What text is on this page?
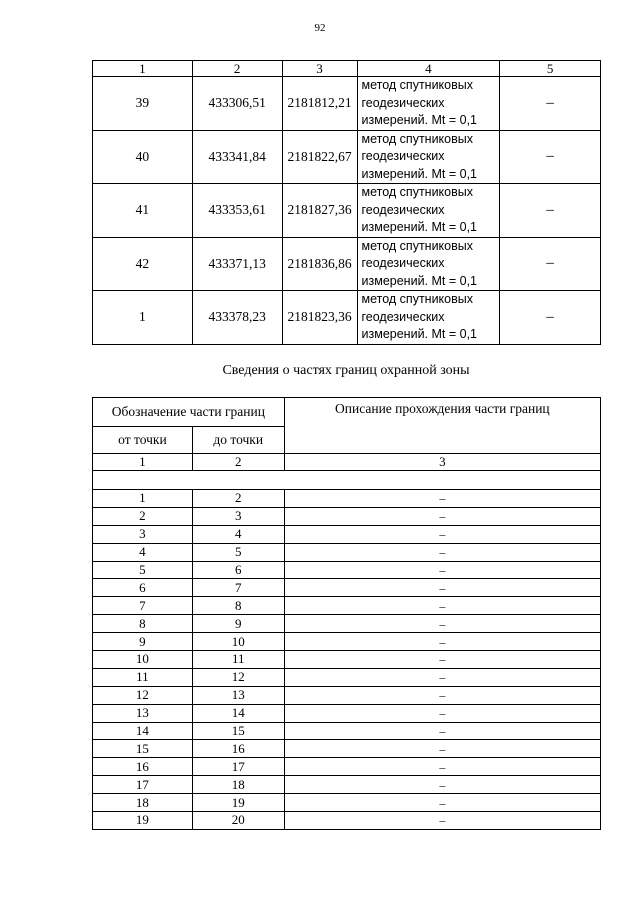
92
1	2	3	4	5
39	433306,51	2181812,21	метод спутниковых
геодезических
измерений. Mt = 0,1	–
40	433341,84	2181822,67	метод спутниковых
геодезических
измерений. Mt = 0,1	–
41	433353,61	2181827,36	метод спутниковых
геодезических
измерений. Mt = 0,1	–
42	433371,13	2181836,86	метод спутниковых
геодезических
измерений. Mt = 0,1	–
1	433378,23	2181823,36	метод спутниковых
геодезических
измерений. Mt = 0,1	–
Сведения о частях границ охранной зоны
Обозначение части границ		Описание прохождения части границ
от точки	до точки	
1	2	3

1	2	–
2	3	–
3	4	–
4	5	–
5	6	–
6	7	–
7	8	–
8	9	–
9	10	–
10	11	–
11	12	–
12	13	–
13	14	–
14	15	–
15	16	–
16	17	–
17	18	–
18	19	–
19	20	–
